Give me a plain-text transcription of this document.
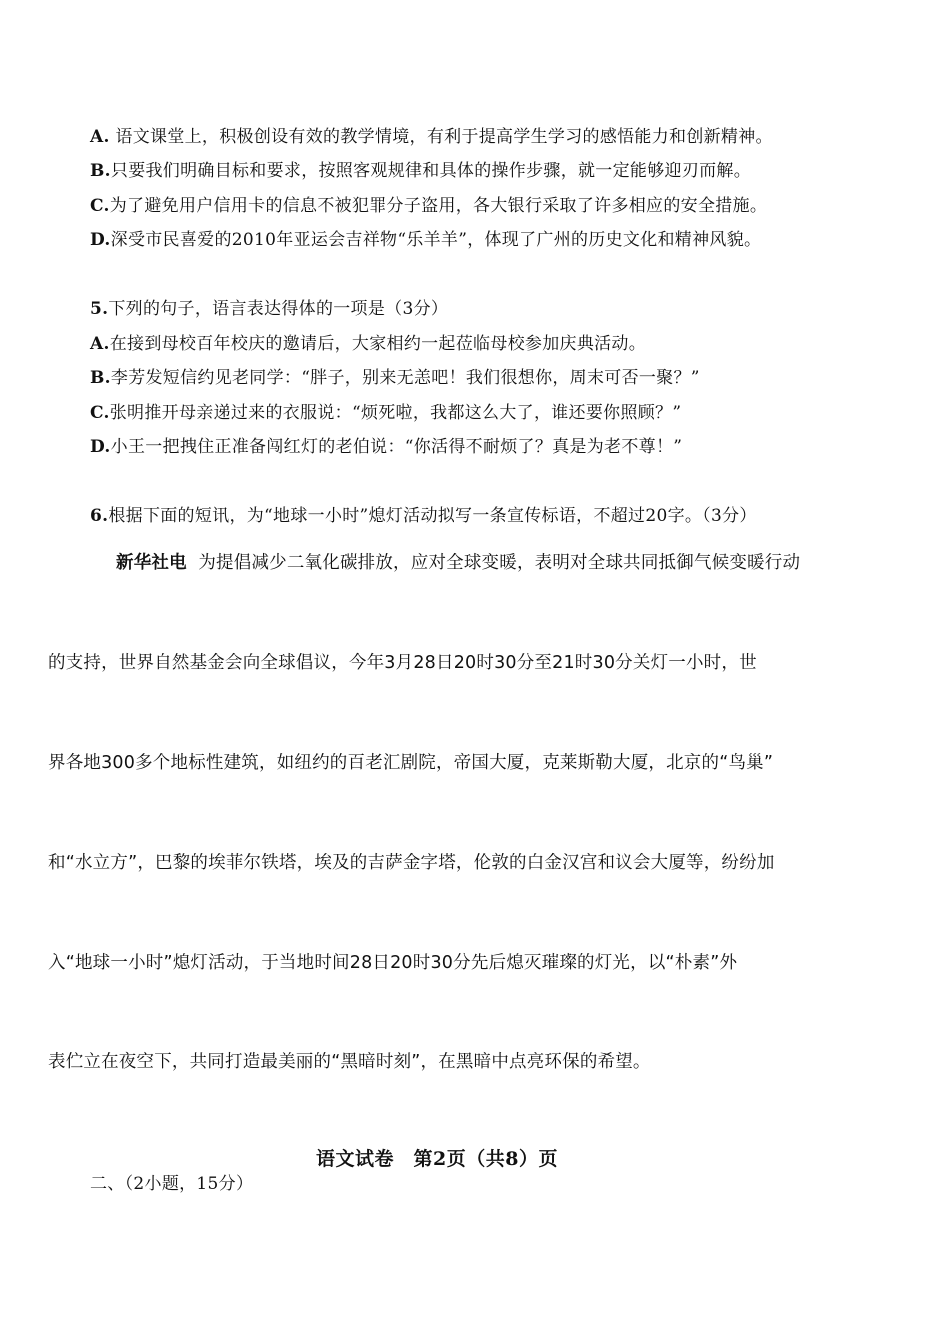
A. 语文课堂上，积极创设有效的教学情境，有利于提高学生学习的感悟能力和创新精神。
B.只要我们明确目标和要求，按照客观规律和具体的操作步骤，就一定能够迎刃而解。
C.为了避免用户信用卡的信息不被犯罪分子盗用，各大银行采取了许多相应的安全措施。
D.深受市民喜爱的2010年亚运会吉祥物“乐羊羊”，体现了广州的历史文化和精神风貌。
5.下列的句子，语言表达得体的一项是（3分）
A.在接到母校百年校庆的邀请后，大家相约一起莅临母校参加庆典活动。
B.李芳发短信约见老同学：“胖子，别来无恙吧！我们很想你，周末可否一聚？”
C.张明推开母亲递过来的衣服说：“烦死啦，我都这么大了，谁还要你照顾？”
D.小王一把拽住正准备闯红灯的老伯说：“你活得不耐烦了？真是为老不尊！”
6.根据下面的短讯，为“地球一小时”熄灯活动拟写一条宣传标语，不超过20字。（3分）
新华社电 为提倡减少二氧化碳排放，应对全球变暖，表明对全球共同抵御气候变暖行动
的支持，世界自然基金会向全球倡议，今年3月28日20时30分至21时30分关灯一小时，世
界各地300多个地标性建筑，如纽约的百老汇剧院，帝国大厦，克莱斯勒大厦，北京的“鸟巢”
和“水立方”，巴黎的埃菲尔铁塔，埃及的吉萨金字塔，伦敦的白金汉宫和议会大厦等，纷纷加
入“地球一小时”熄灯活动，于当地时间28日20时30分先后熄灭璀璨的灯光，以“朴素”外
表伫立在夜空下，共同打造最美丽的“黑暗时刻”，在黑暗中点亮环保的希望。
语文试卷　第2页（共8）页
二、（2小题，15分）
